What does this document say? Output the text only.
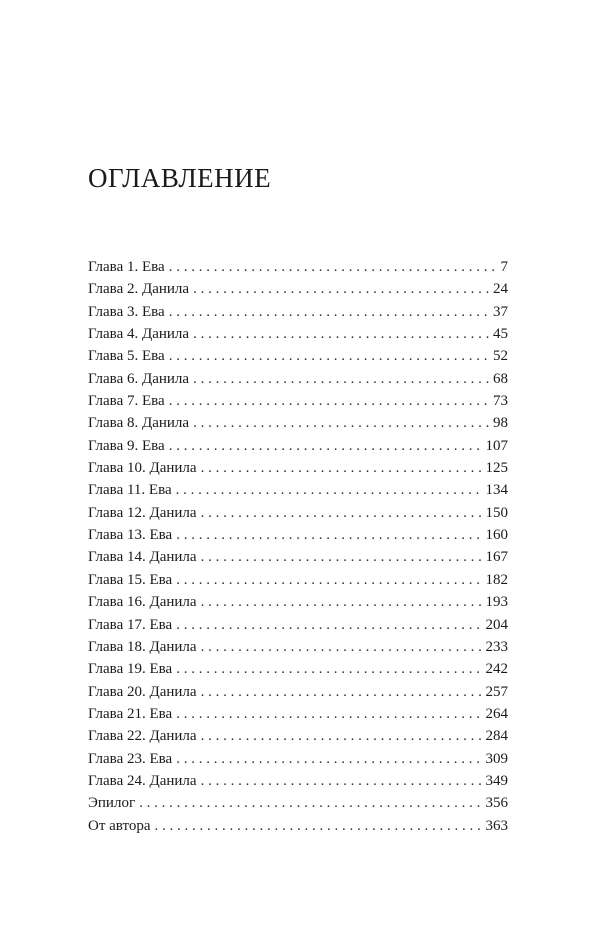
ОГЛАВЛЕНИЕ
Глава 1. Ева . . .	7
Глава 2. Данила . . .	24
Глава 3. Ева . . .	37
Глава 4. Данила . . .	45
Глава 5. Ева . . .	52
Глава 6. Данила . . .	68
Глава 7. Ева . . .	73
Глава 8. Данила . . .	98
Глава 9. Ева . . .	107
Глава 10. Данила . . .	125
Глава 11. Ева . . .	134
Глава 12. Данила . . .	150
Глава 13. Ева . . .	160
Глава 14. Данила . . .	167
Глава 15. Ева . . .	182
Глава 16. Данила . . .	193
Глава 17. Ева . . .	204
Глава 18. Данила . . .	233
Глава 19. Ева . . .	242
Глава 20. Данила . . .	257
Глава 21. Ева . . .	264
Глава 22. Данила . . .	284
Глава 23. Ева . . .	309
Глава 24. Данила . . .	349
Эпилог . . .	356
От автора . . .	363
